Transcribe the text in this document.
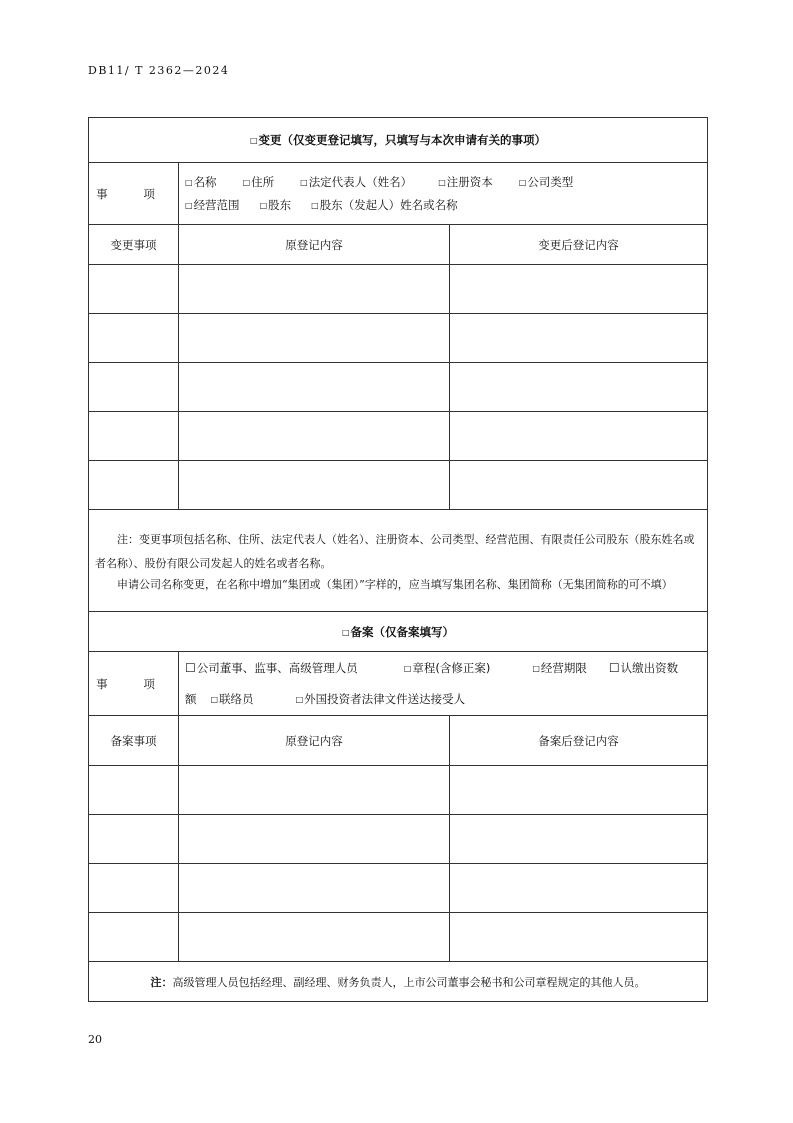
DB11/ T 2362—2024
□变更（仅变更登记填写，只填写与本次申请有关的事项）		
事 项	□名称 □住所 □法定代表人（姓名） □注册资本 □公司类型
□经营范围 □股东 □股东（发起人）姓名或名称	

变更事项	原登记内容	变更后登记内容

注：变更事项包括名称、住所、法定代表人（姓名）、注册资本、公司类型、经营范围、有限责任公司股东（股东姓名或者名称）、股份有限公司发起人的姓名或者名称。

申请公司名称变更，在名称中增加“集团或（集团）”字样的，应当填写集团名称、集团简称（无集团简称的可不填）		

□备案（仅备案填写）		
事 项	☐公司董事、监事、高级管理人员 □章程(含修正案) □经营期限 ☐认缴出资数
额 □联络员 □外国投资者法律文件送达接受人	

备案事项	原登记内容	备案后登记内容

注：高级管理人员包括经理、副经理、财务负责人，上市公司董事会秘书和公司章程规定的其他人员。		
20
